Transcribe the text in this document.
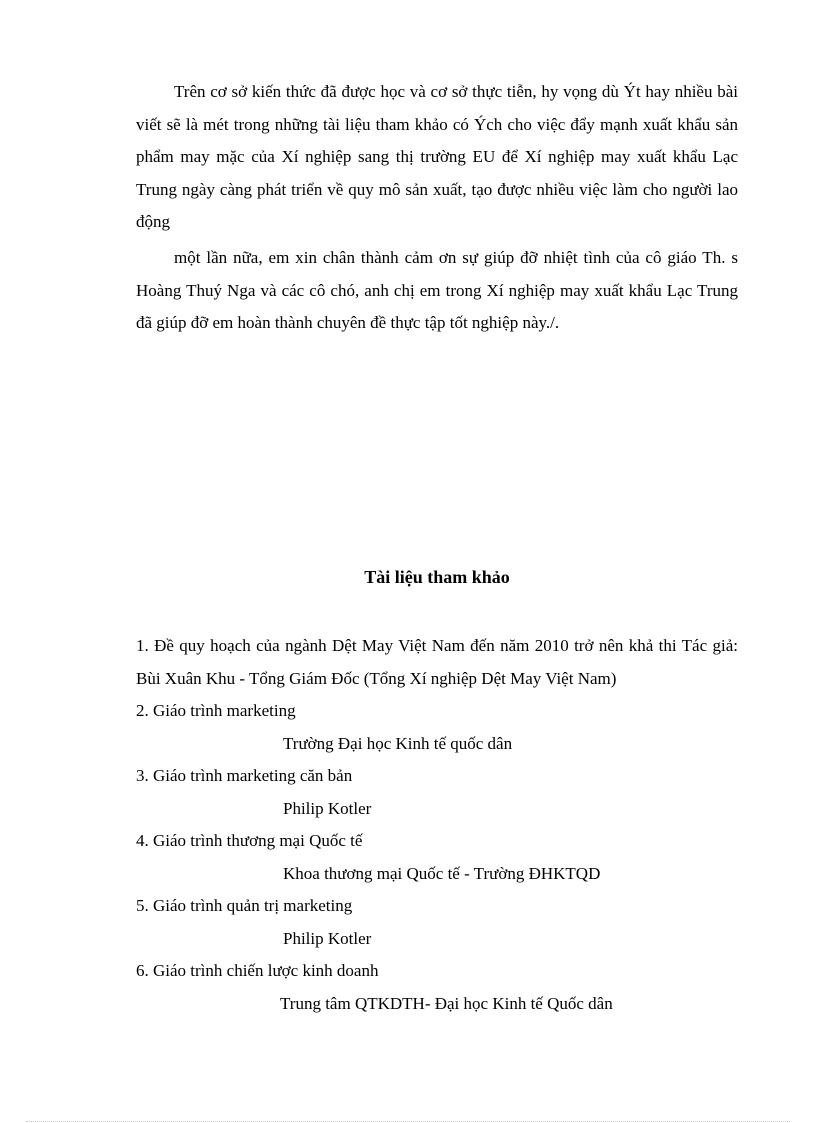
Trên cơ sở kiến thức đã được học và cơ sở thực tiễn, hy vọng dù Ýt hay nhiều bài viết sẽ là mét trong những tài liệu tham khảo có Ých cho việc đẩy mạnh xuất khẩu sản phẩm may mặc của Xí nghiệp sang thị trường EU để Xí nghiệp may xuất khẩu Lạc Trung ngày càng phát triển về quy mô sản xuất, tạo được nhiều việc làm cho người lao động

một lần nữa, em xin chân thành cảm ơn sự giúp đỡ nhiệt tình của cô giáo Th. s Hoàng Thuý Nga và các cô chó, anh chị em trong Xí nghiệp may xuất khẩu Lạc Trung đã giúp đỡ em hoàn thành chuyên đề thực tập tốt nghiệp này./.

Tài liệu tham khảo

1. Đề quy hoạch của ngành Dệt May Việt Nam đến năm 2010 trở nên khả thi Tác giả: Bùi Xuân Khu - Tổng Giám Đốc (Tổng Xí nghiệp Dệt May Việt Nam)

2. Giáo trình marketing

Trường Đại học Kinh tế quốc dân

3. Giáo trình marketing căn bản

Philip Kotler

4. Giáo trình thương mại Quốc tế

Khoa thương mại Quốc tế - Trường ĐHKTQD

5. Giáo trình quản trị marketing

Philip Kotler

6. Giáo trình chiến lược kinh doanh

Trung tâm QTKDTH- Đại học Kinh tế Quốc dân
